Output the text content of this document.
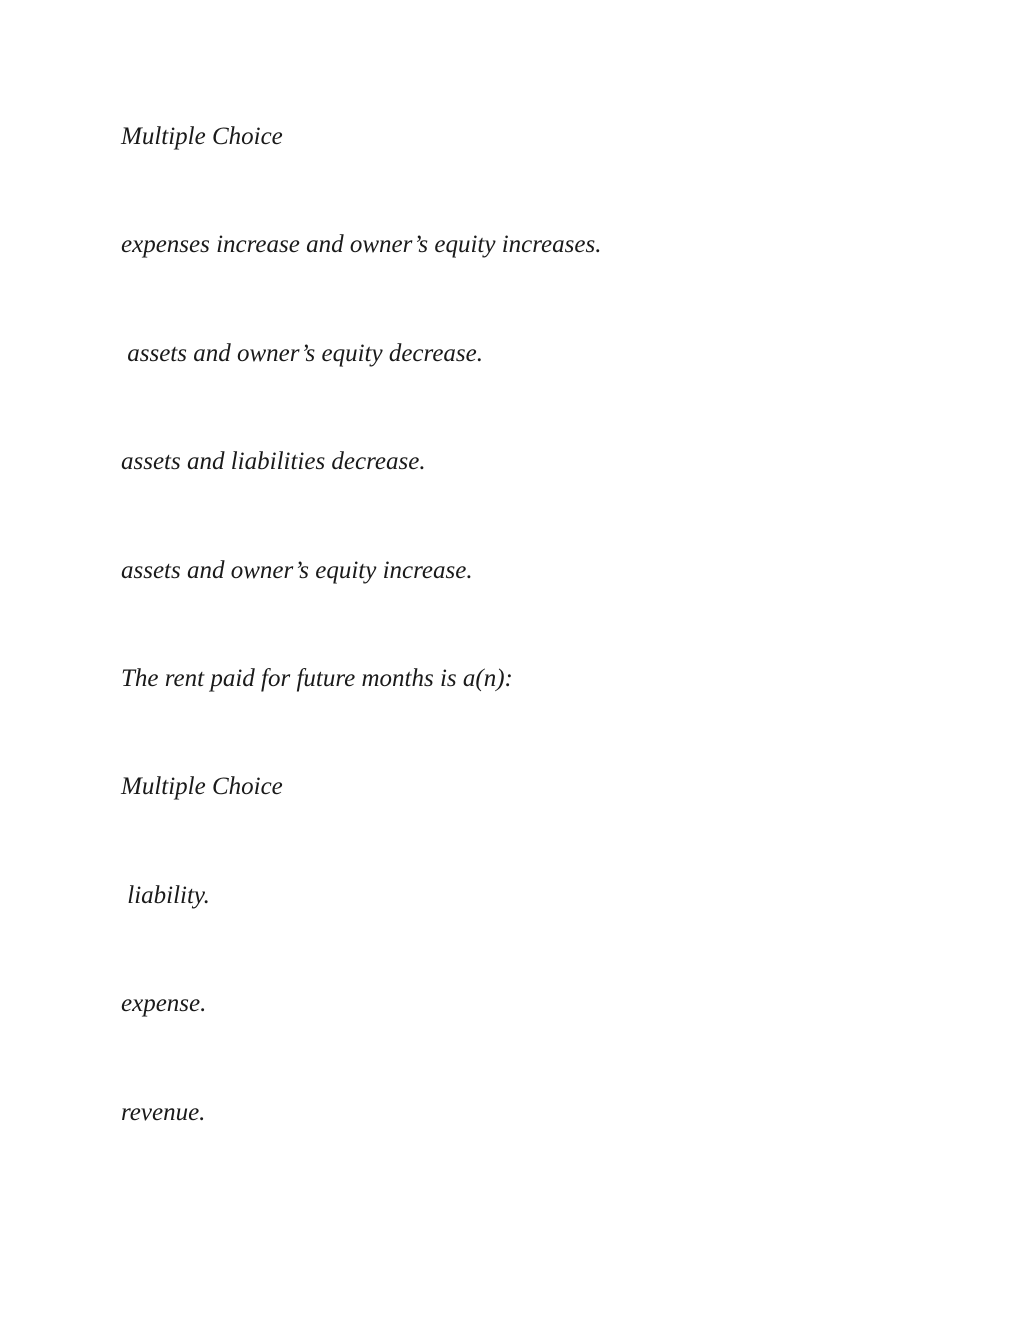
Multiple Choice

expenses increase and owner’s equity increases.

assets and owner’s equity decrease.

assets and liabilities decrease.

assets and owner’s equity increase.

The rent paid for future months is a(n):

Multiple Choice

liability.

expense.

revenue.
